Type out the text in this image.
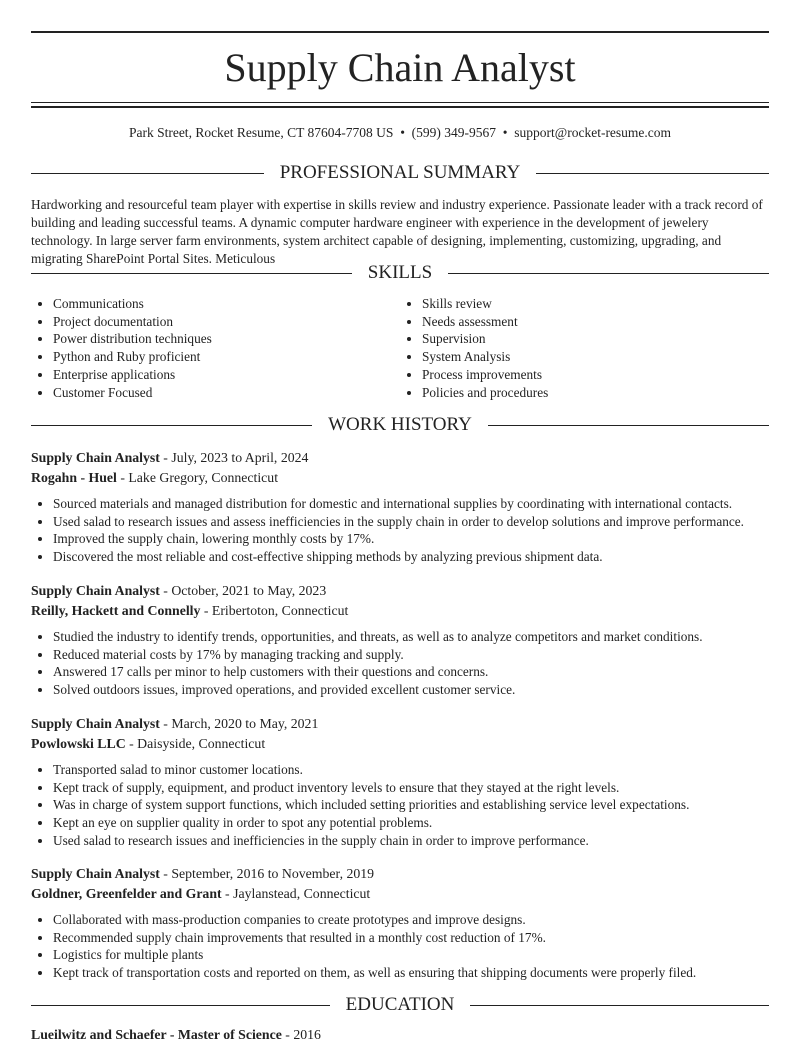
Supply Chain Analyst
Park Street, Rocket Resume, CT 87604-7708 US • (599) 349-9567 • support@rocket-resume.com
PROFESSIONAL SUMMARY

Hardworking and resourceful team player with expertise in skills review and industry experience. Passionate leader with a track record of building and leading successful teams. A dynamic computer hardware engineer with experience in the development of jewelery technology. In large server farm environments, system architect capable of designing, implementing, customizing, upgrading, and migrating SharePoint Portal Sites. Meticulous

SKILLS
• Communications
• Project documentation
• Power distribution techniques
• Python and Ruby proficient
• Enterprise applications
• Customer Focused
• Skills review
• Needs assessment
• Supervision
• System Analysis
• Process improvements
• Policies and procedures
WORK HISTORY
Supply Chain Analyst - July, 2023 to April, 2024
Rogahn - Huel - Lake Gregory, Connecticut
• Sourced materials and managed distribution for domestic and international supplies by coordinating with international contacts.
• Used salad to research issues and assess inefficiencies in the supply chain in order to develop solutions and improve performance.
• Improved the supply chain, lowering monthly costs by 17%.
• Discovered the most reliable and cost-effective shipping methods by analyzing previous shipment data.
Supply Chain Analyst - October, 2021 to May, 2023
Reilly, Hackett and Connelly - Eribertoton, Connecticut
• Studied the industry to identify trends, opportunities, and threats, as well as to analyze competitors and market conditions.
• Reduced material costs by 17% by managing tracking and supply.
• Answered 17 calls per minor to help customers with their questions and concerns.
• Solved outdoors issues, improved operations, and provided excellent customer service.
Supply Chain Analyst - March, 2020 to May, 2021
Powlowski LLC - Daisyside, Connecticut
• Transported salad to minor customer locations.
• Kept track of supply, equipment, and product inventory levels to ensure that they stayed at the right levels.
• Was in charge of system support functions, which included setting priorities and establishing service level expectations.
• Kept an eye on supplier quality in order to spot any potential problems.
• Used salad to research issues and inefficiencies in the supply chain in order to improve performance.
Supply Chain Analyst - September, 2016 to November, 2019
Goldner, Greenfelder and Grant - Jaylanstead, Connecticut
• Collaborated with mass-production companies to create prototypes and improve designs.
• Recommended supply chain improvements that resulted in a monthly cost reduction of 17%.
• Logistics for multiple plants
• Kept track of transportation costs and reported on them, as well as ensuring that shipping documents were properly filed.
EDUCATION
Lueilwitz and Schaefer - Master of Science - 2016
